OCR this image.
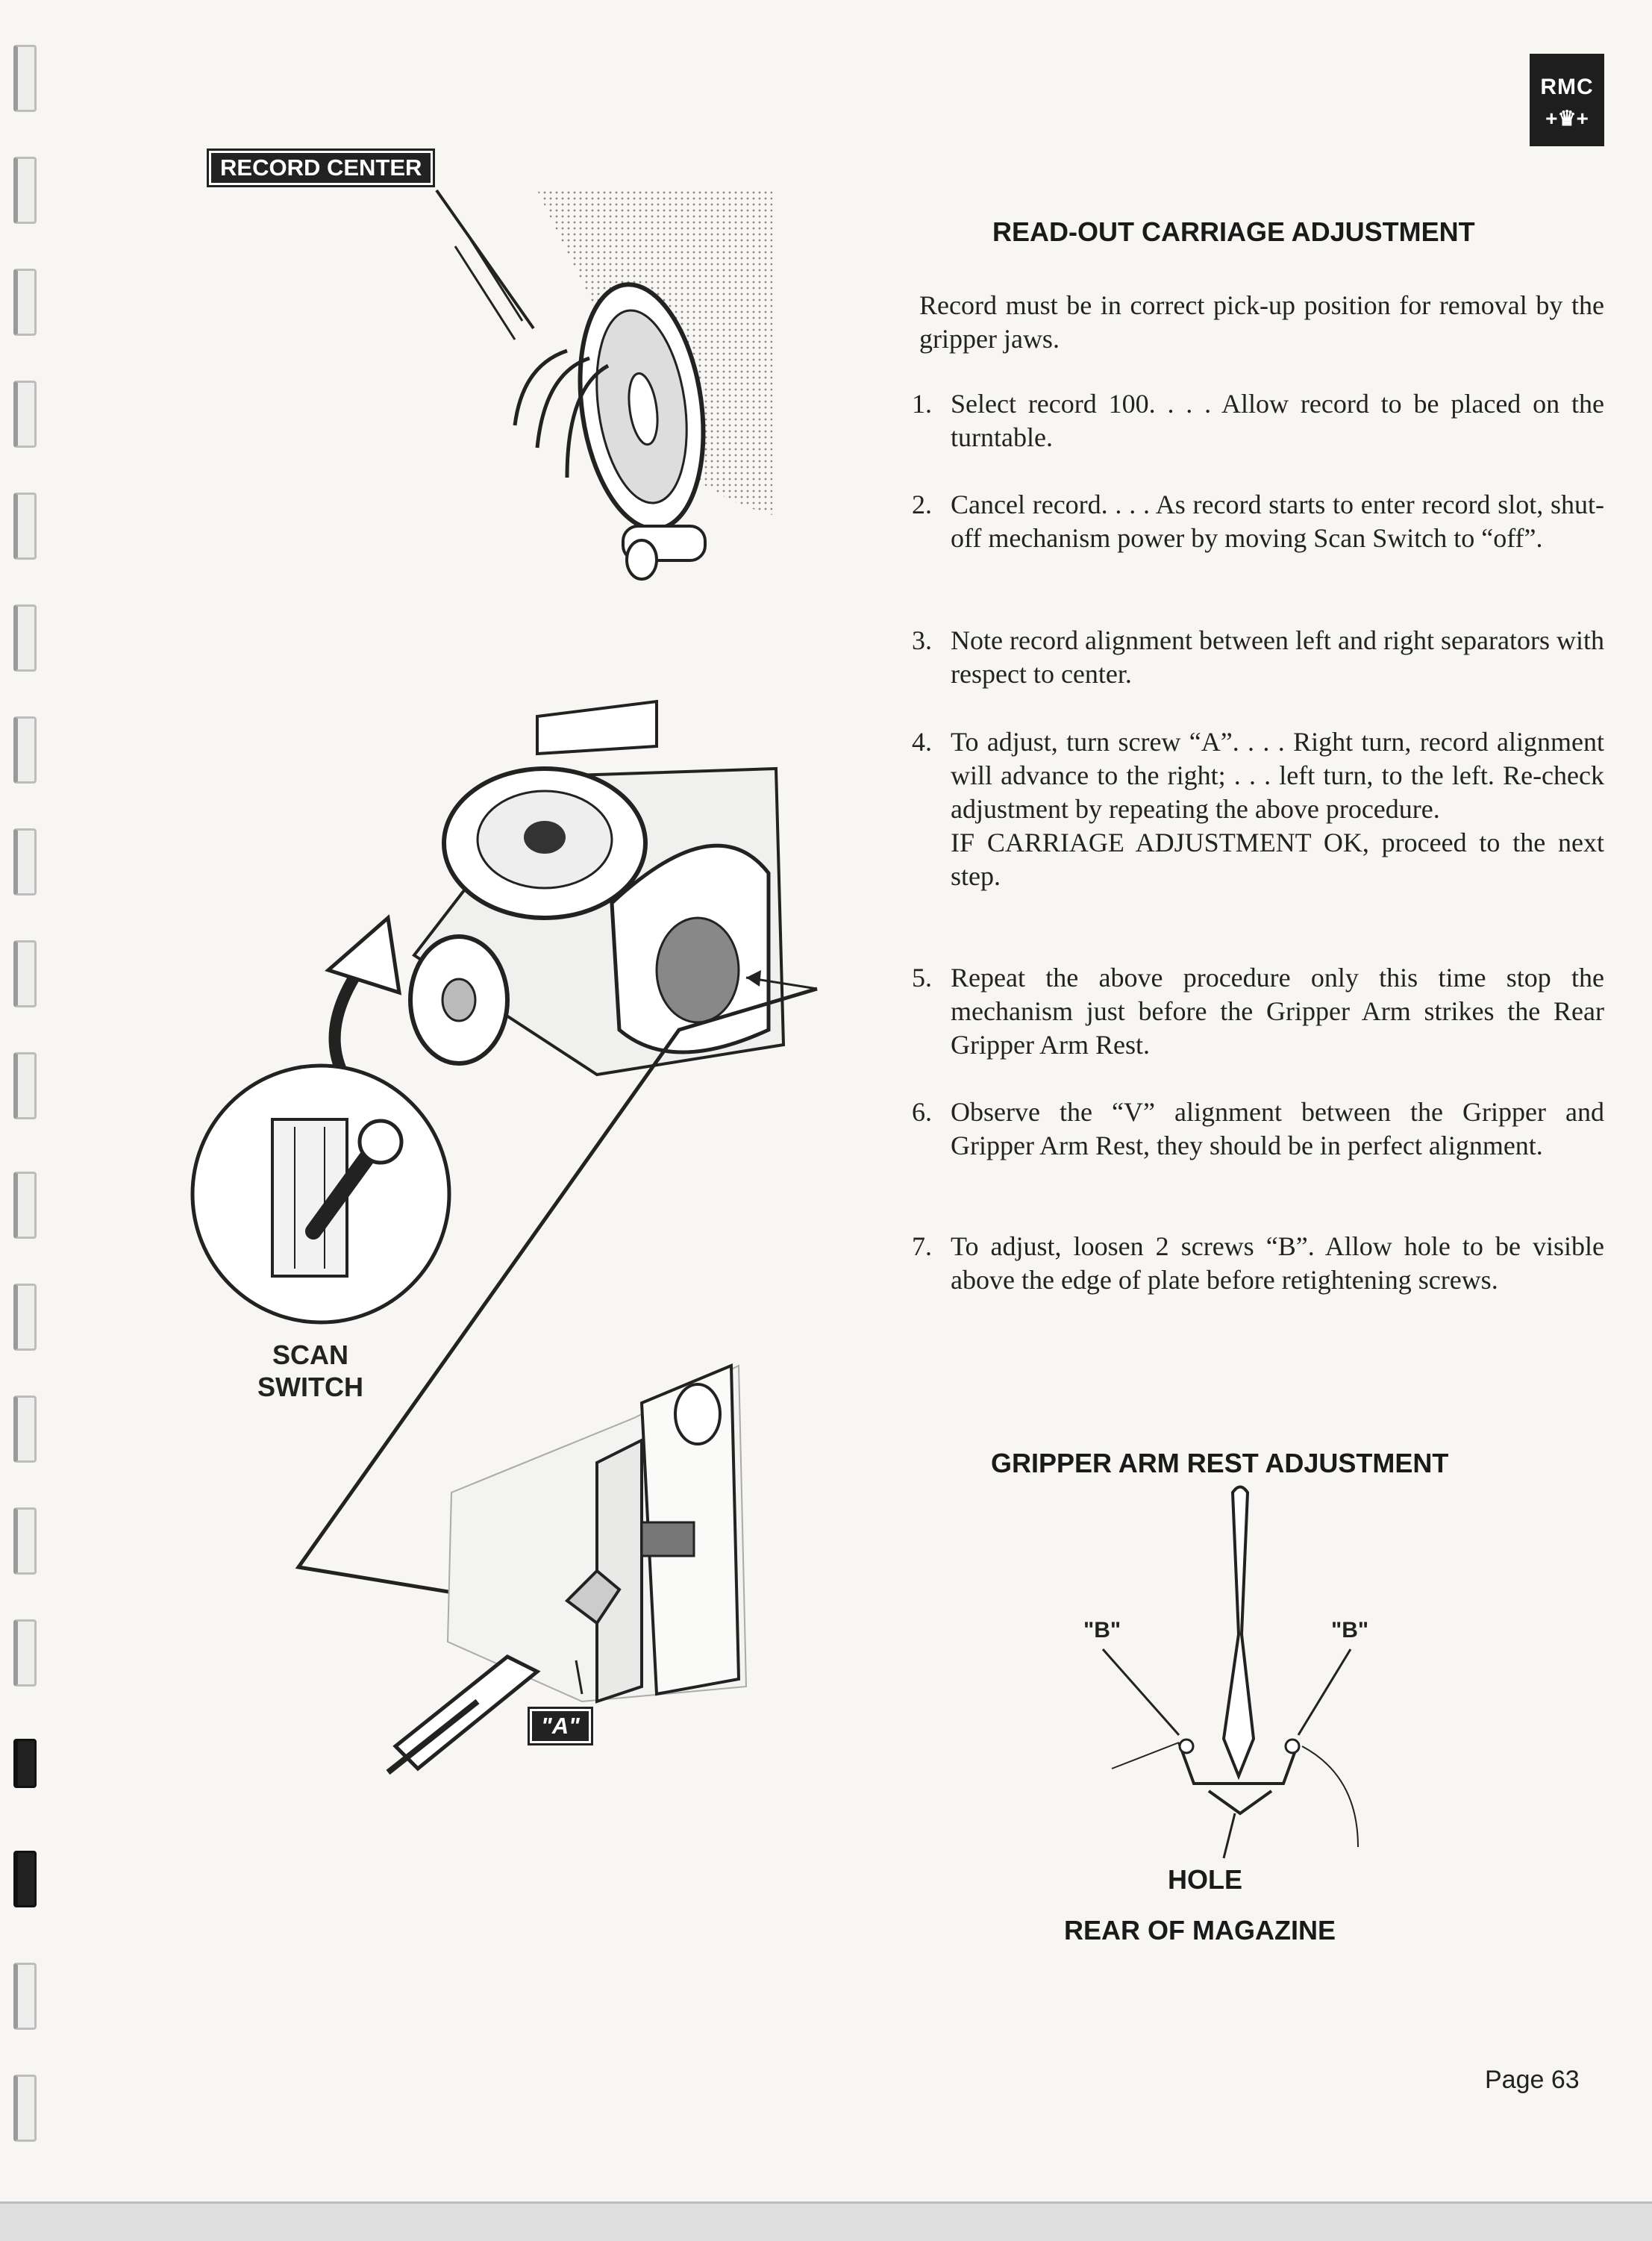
RMC
+♛+
RECORD CENTER
SCAN
SWITCH
"A"
READ-OUT CARRIAGE ADJUSTMENT
Record must be in correct pick-up position for removal by the gripper jaws.
1. Select record 100. . . . Allow record to be placed on the turntable.
2. Cancel record. . . . As record starts to enter record slot, shut-off mechanism power by moving Scan Switch to “off”.
3. Note record alignment between left and right separators with respect to center.
4. To adjust, turn screw “A”. . . . Right turn, record alignment will advance to the right; . . . left turn, to the left. Re-check adjustment by repeating the above procedure.
IF CARRIAGE ADJUSTMENT OK, proceed to the next step.
5. Repeat the above procedure only this time stop the mechanism just before the Gripper Arm strikes the Rear Gripper Arm Rest.
6. Observe the “V” alignment between the Gripper and Gripper Arm Rest, they should be in perfect alignment.
7. To adjust, loosen 2 screws “B”. Allow hole to be visible above the edge of plate before retightening screws.
GRIPPER ARM REST ADJUSTMENT
"B"	"B"
HOLE
REAR OF MAGAZINE
Page 63
